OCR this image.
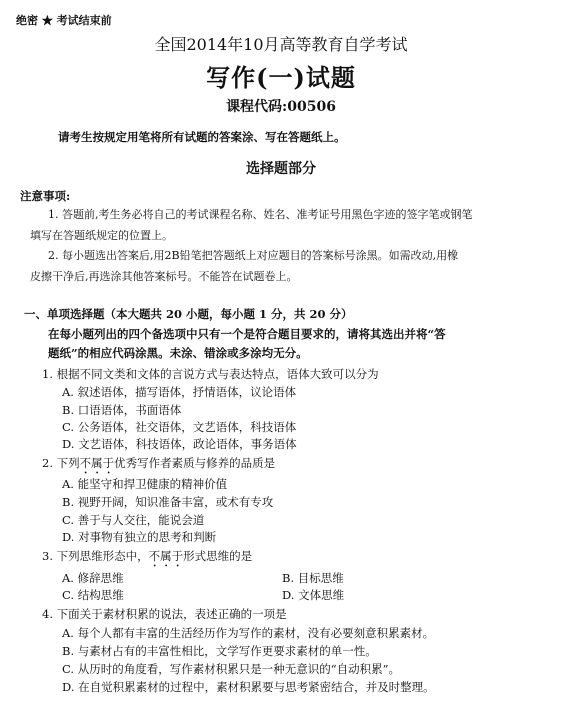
绝密 ★ 考试结束前
全国2014年10月高等教育自学考试
写作(一)试题
课程代码:00506
请考生按规定用笔将所有试题的答案涂、写在答题纸上。
选择题部分
注意事项:
1. 答题前,考生务必将自己的考试课程名称、姓名、准考证号用黑色字迹的签字笔或钢笔
填写在答题纸规定的位置上。
2. 每小题选出答案后,用2B铅笔把答题纸上对应题目的答案标号涂黑。如需改动,用橡
皮擦干净后,再选涂其他答案标号。不能答在试题卷上。
一、单项选择题（本大题共 20 小题，每小题 1 分，共 20 分）
在每小题列出的四个备选项中只有一个是符合题目要求的，请将其选出并将“答
题纸”的相应代码涂黑。未涂、错涂或多涂均无分。
1. 根据不同文类和文体的言说方式与表达特点，语体大致可以分为
A. 叙述语体，描写语体，抒情语体，议论语体
B. 口语语体，书面语体
C. 公务语体，社交语体，文艺语体，科技语体
D. 文艺语体，科技语体，政论语体，事务语体
2. 下列不属于优秀写作者素质与修养的品质是
A. 能坚守和捍卫健康的精神价值
B. 视野开阔，知识准备丰富，或术有专攻
C. 善于与人交往，能说会道
D. 对事物有独立的思考和判断
3. 下列思维形态中，不属于形式思维的是
A. 修辞思维	B. 目标思维
C. 结构思维	D. 文体思维
4. 下面关于素材积累的说法，表述正确的一项是
A. 每个人都有丰富的生活经历作为写作的素材，没有必要刻意积累素材。
B. 与素材占有的丰富性相比，文学写作更要求素材的单一性。
C. 从历时的角度看，写作素材积累只是一种无意识的“自动积累”。
D. 在自觉积累素材的过程中，素材积累要与思考紧密结合，并及时整理。
